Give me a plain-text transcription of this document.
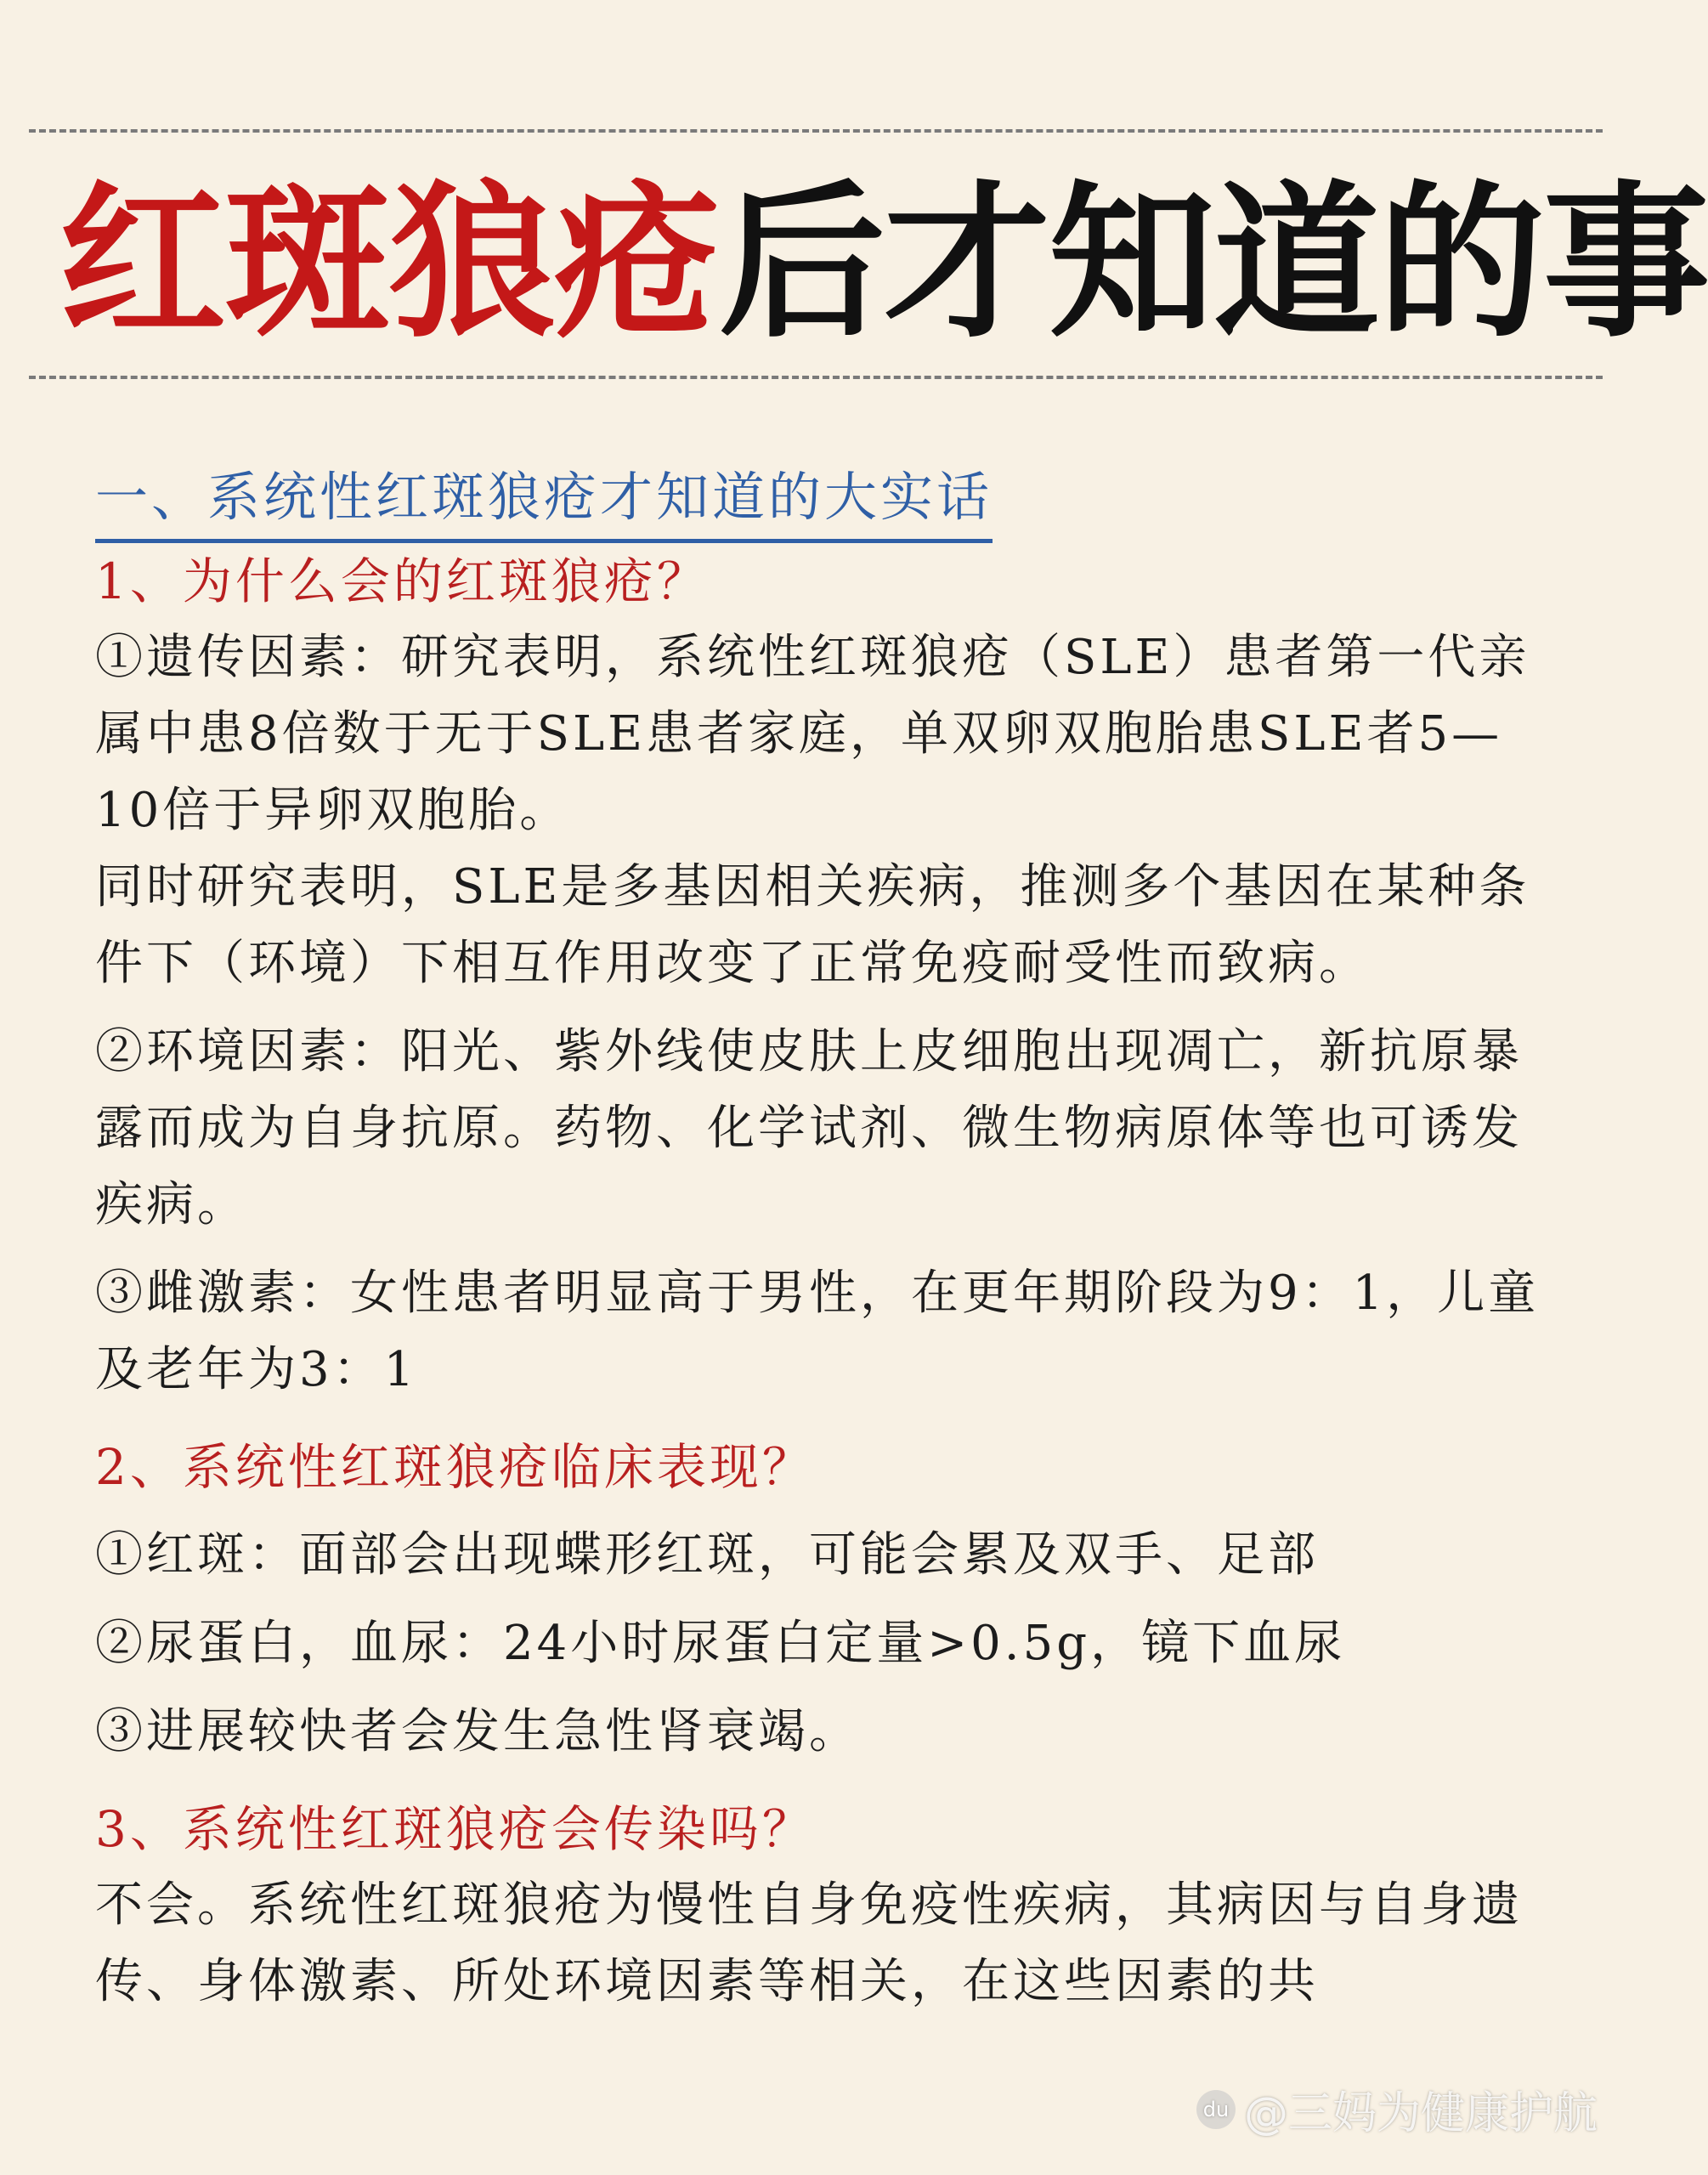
红斑狼疮后才知道的事
一、系统性红斑狼疮才知道的大实话
1、为什么会的红斑狼疮？

①遗传因素：研究表明，系统性红斑狼疮（SLE）患者第一代亲属中患8倍数于无于SLE患者家庭，单双卵双胞胎患SLE者5—10倍于异卵双胞胎。

同时研究表明，SLE是多基因相关疾病，推测多个基因在某种条件下（环境）下相互作用改变了正常免疫耐受性而致病。

②环境因素：阳光、紫外线使皮肤上皮细胞出现凋亡，新抗原暴露而成为自身抗原。药物、化学试剂、微生物病原体等也可诱发疾病。

③雌激素：女性患者明显高于男性，在更年期阶段为9：1，儿童及老年为3：1

2、系统性红斑狼疮临床表现？

①红斑：面部会出现蝶形红斑，可能会累及双手、足部

②尿蛋白，血尿：24小时尿蛋白定量>0.5g，镜下血尿

③进展较快者会发生急性肾衰竭。

3、系统性红斑狼疮会传染吗？

不会。系统性红斑狼疮为慢性自身免疫性疾病，其病因与自身遗传、身体激素、所处环境因素等相关，在这些因素的共

du @三妈为健康护航
